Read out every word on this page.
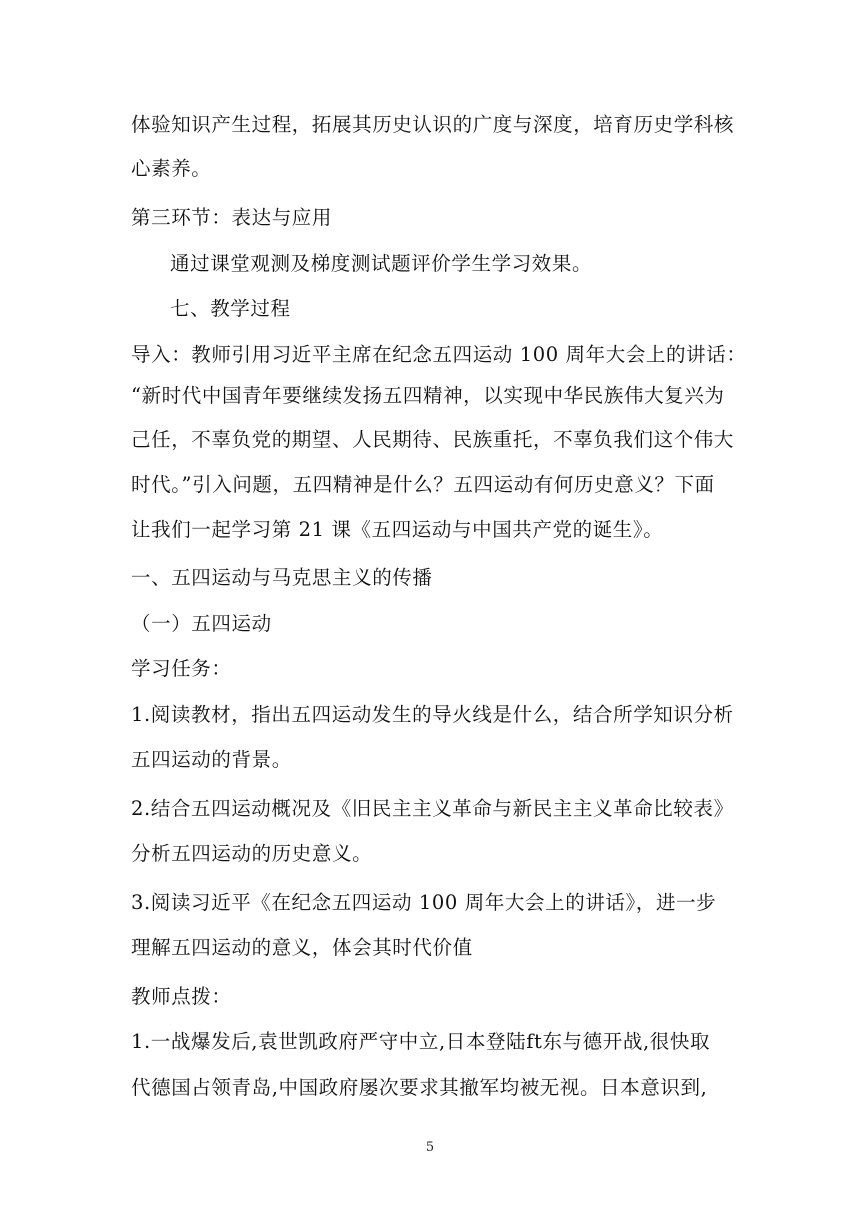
体验知识产生过程，拓展其历史认识的广度与深度，培育历史学科核
心素养。
第三环节：表达与应用
通过课堂观测及梯度测试题评价学生学习效果。
七、教学过程
导入：教师引用习近平主席在纪念五四运动 100 周年大会上的讲话：
“新时代中国青年要继续发扬五四精神，以实现中华民族伟大复兴为
己任，不辜负党的期望、人民期待、民族重托，不辜负我们这个伟大
时代。”引入问题，五四精神是什么？五四运动有何历史意义？下面
让我们一起学习第 21 课《五四运动与中国共产党的诞生》。
一、五四运动与马克思主义的传播
（一）五四运动
学习任务：
1.阅读教材，指出五四运动发生的导火线是什么，结合所学知识分析
五四运动的背景。
2.结合五四运动概况及《旧民主主义革命与新民主主义革命比较表》
分析五四运动的历史意义。
3.阅读习近平《在纪念五四运动 100 周年大会上的讲话》，进一步
理解五四运动的意义，体会其时代价值
教师点拨：
1.一战爆发后,袁世凯政府严守中立,日本登陆ft东与德开战,很快取
代德国占领青岛,中国政府屡次要求其撤军均被无视。日本意识到,
5
